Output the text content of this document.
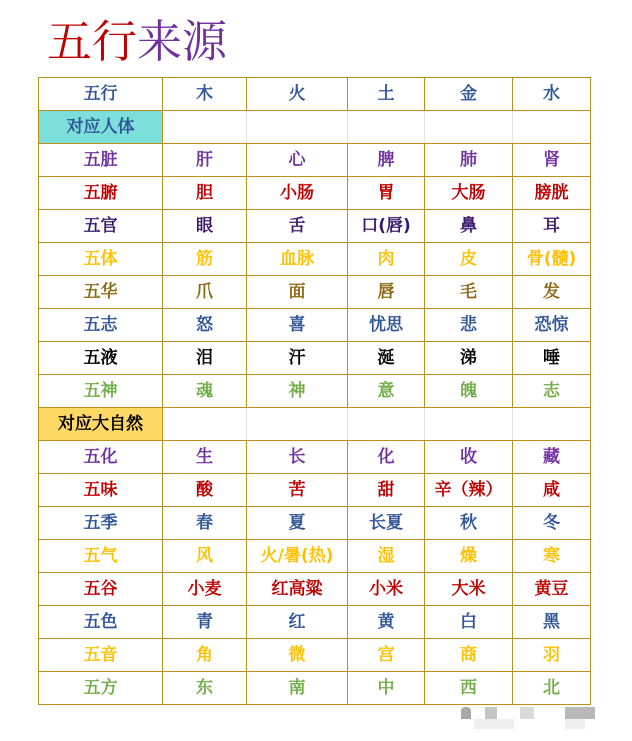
五行来源
五行	木	火	土	金	水
对应人体					
五脏	肝	心	脾	肺	肾
五腑	胆	小肠	胃	大肠	膀胱
五官	眼	舌	口(唇)	鼻	耳
五体	筋	血脉	肉	皮	骨(髓)
五华	爪	面	唇	毛	发
五志	怒	喜	忧思	悲	恐惊
五液	泪	汗	涎	涕	唾
五神	魂	神	意	魄	志
对应大自然					
五化	生	长	化	收	藏
五味	酸	苦	甜	辛（辣）	咸
五季	春	夏	长夏	秋	冬
五气	风	火/暑(热)	湿	燥	寒
五谷	小麦	红高粱	小米	大米	黄豆
五色	青	红	黄	白	黑
五音	角	微	宫	商	羽
五方	东	南	中	西	北
